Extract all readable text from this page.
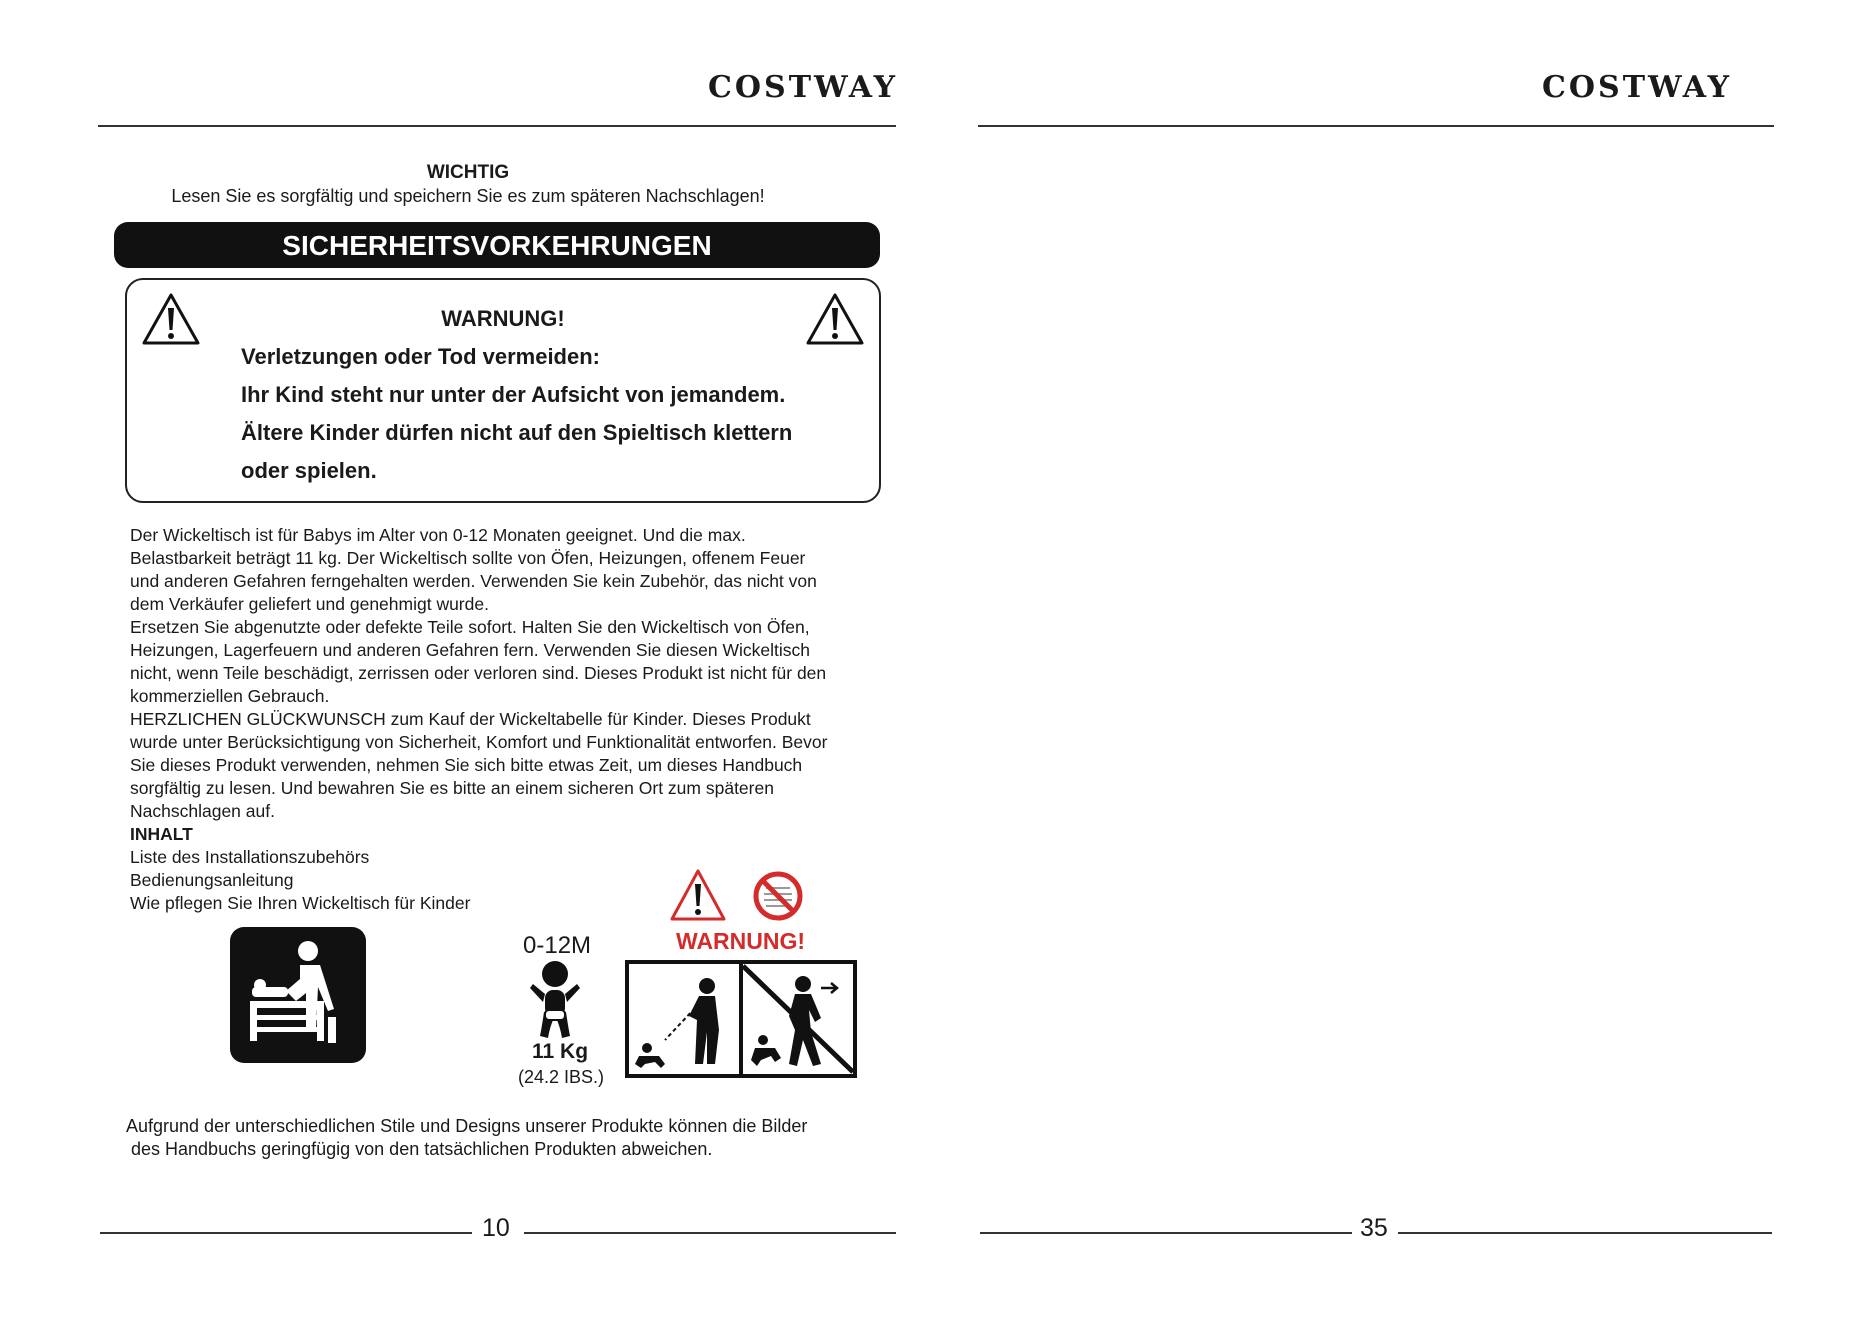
COSTWAY
WICHTIG
Lesen Sie es sorgfältig und speichern Sie es zum späteren Nachschlagen!
SICHERHEITSVORKEHRUNGEN
WARNUNG!
Verletzungen oder Tod vermeiden:
Ihr Kind steht nur unter der Aufsicht von jemandem.
Ältere Kinder dürfen nicht auf den Spieltisch klettern
oder spielen.

Der Wickeltisch ist für Babys im Alter von 0-12 Monaten geeignet. Und die max.

Belastbarkeit beträgt 11 kg. Der Wickeltisch sollte von Öfen, Heizungen, offenem Feuer

und anderen Gefahren ferngehalten werden. Verwenden Sie kein Zubehör, das nicht von

dem Verkäufer geliefert und genehmigt wurde.

Ersetzen Sie abgenutzte oder defekte Teile sofort. Halten Sie den Wickeltisch von Öfen,

Heizungen, Lagerfeuern und anderen Gefahren fern. Verwenden Sie diesen Wickeltisch

nicht, wenn Teile beschädigt, zerrissen oder verloren sind. Dieses Produkt ist nicht für den

kommerziellen Gebrauch.

HERZLICHEN GLÜCKWUNSCH zum Kauf der Wickeltabelle für Kinder. Dieses Produkt

wurde unter Berücksichtigung von Sicherheit, Komfort und Funktionalität entworfen. Bevor

Sie dieses Produkt verwenden, nehmen Sie sich bitte etwas Zeit, um dieses Handbuch

sorgfältig zu lesen. Und bewahren Sie es bitte an einem sicheren Ort zum späteren

Nachschlagen auf.

INHALT

Liste des Installationszubehörs

Bedienungsanleitung

Wie pflegen Sie Ihren Wickeltisch für Kinder

0-12M
11 Kg
(24.2 IBS.)
WARNUNG!

Aufgrund der unterschiedlichen Stile und Designs unserer Produkte können die Bilder

des Handbuchs geringfügig von den tatsächlichen Produkten abweichen.

10
COSTWAY
35
